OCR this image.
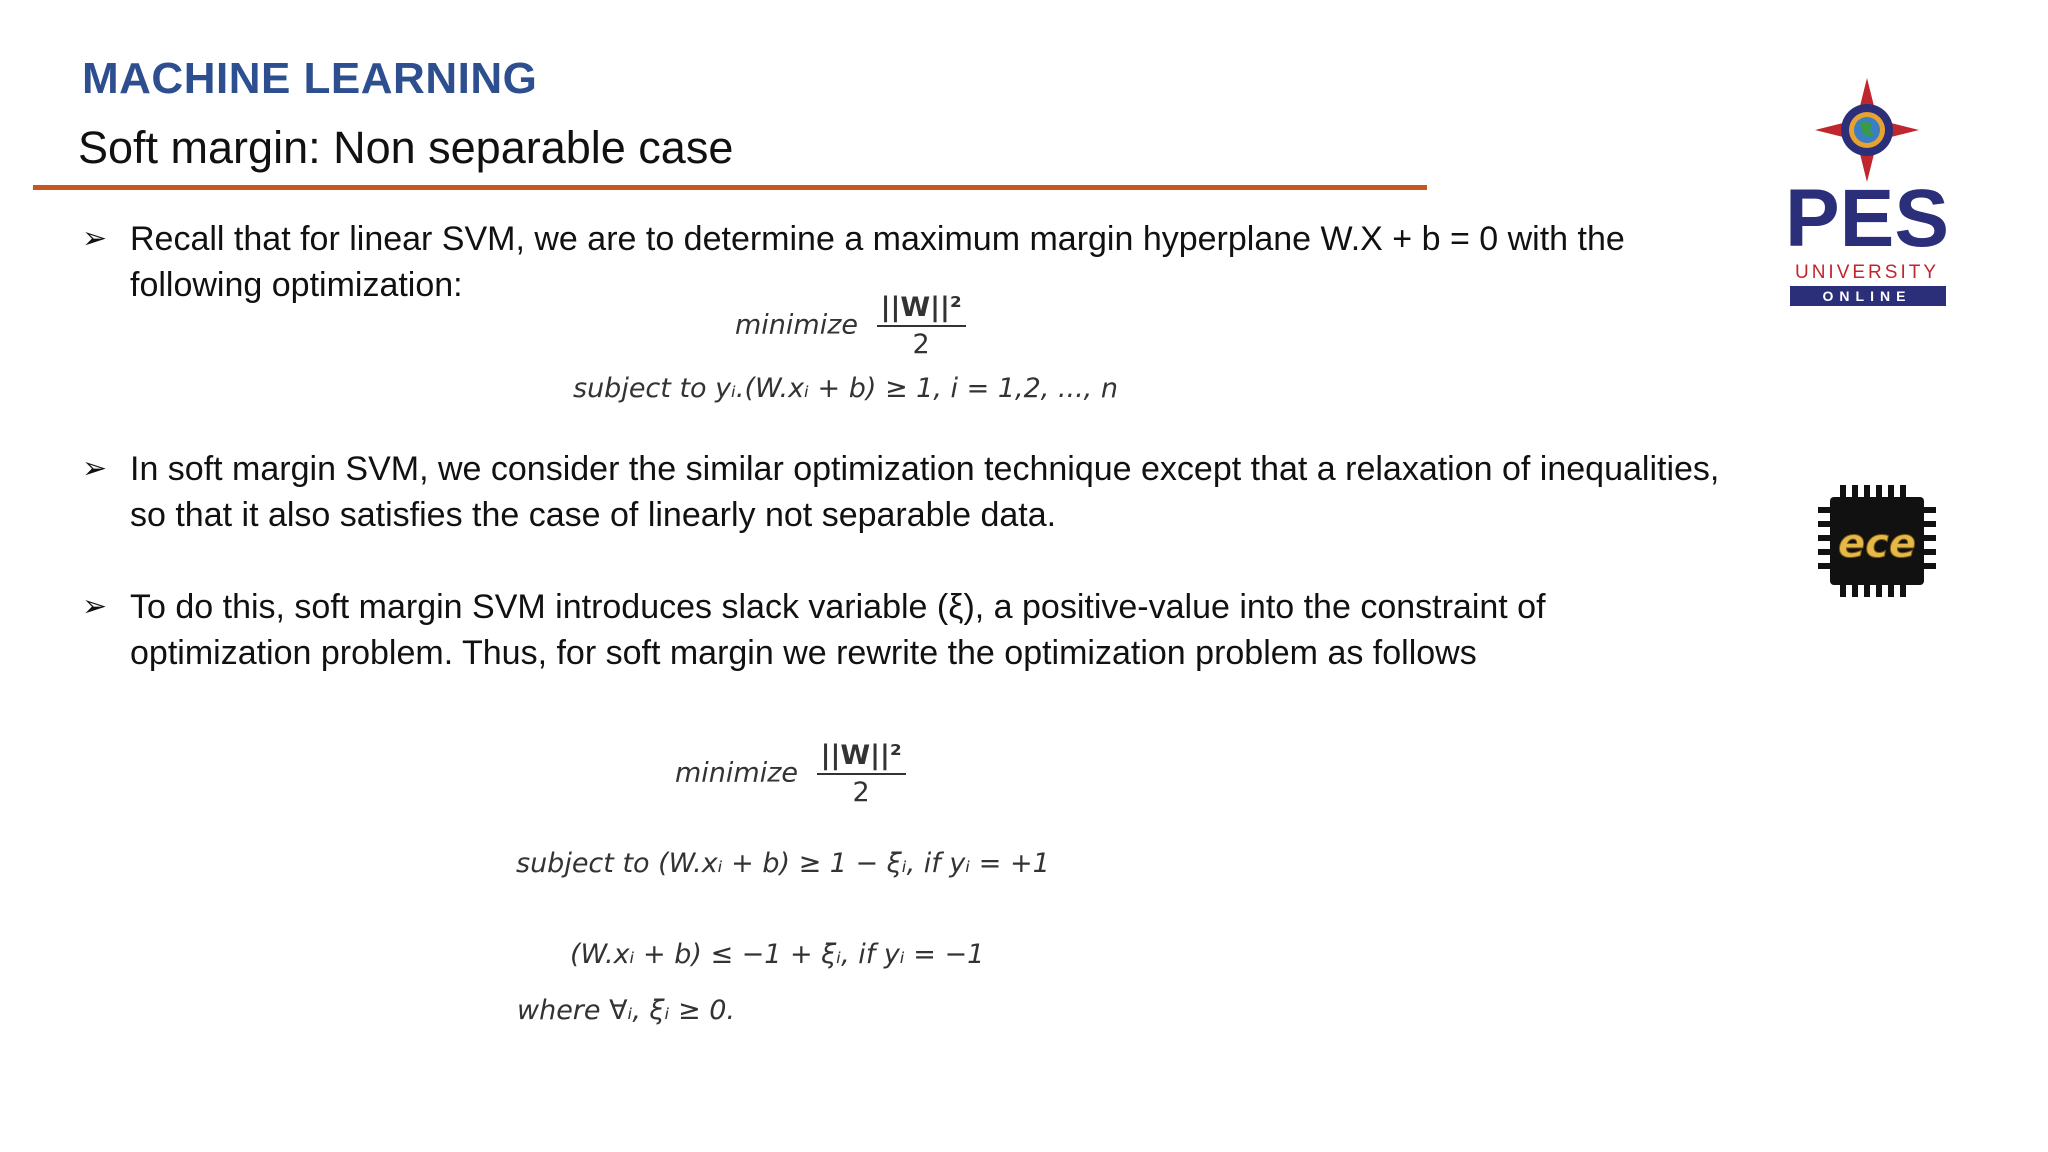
MACHINE LEARNING
Soft margin: Non separable case
➢ Recall that for linear SVM, we are to determine a maximum margin hyperplane W.X + b = 0 with the following optimization:
minimize $\frac{\text{||W||²}}{2}$
subject to yᵢ.(W.xᵢ + b) ≥ 1, i = 1,2, ..., n
➢ In soft margin SVM, we consider the similar optimization technique except that a relaxation of inequalities, so that it also satisfies the case of linearly not separable data.
➢ To do this, soft margin SVM introduces slack variable (ξ), a positive-value into the constraint of optimization problem. Thus, for soft margin we rewrite the optimization problem as follows
minimize $\frac{\text{||W||²}}{2}$
subject to (W.xᵢ + b) ≥ 1 − ξᵢ, if yᵢ = +1
(W.xᵢ + b) ≤ −1 + ξᵢ, if yᵢ = −1
where ∀ᵢ, ξᵢ ≥ 0.
PES
UNIVERSITY
ONLINE
ece
